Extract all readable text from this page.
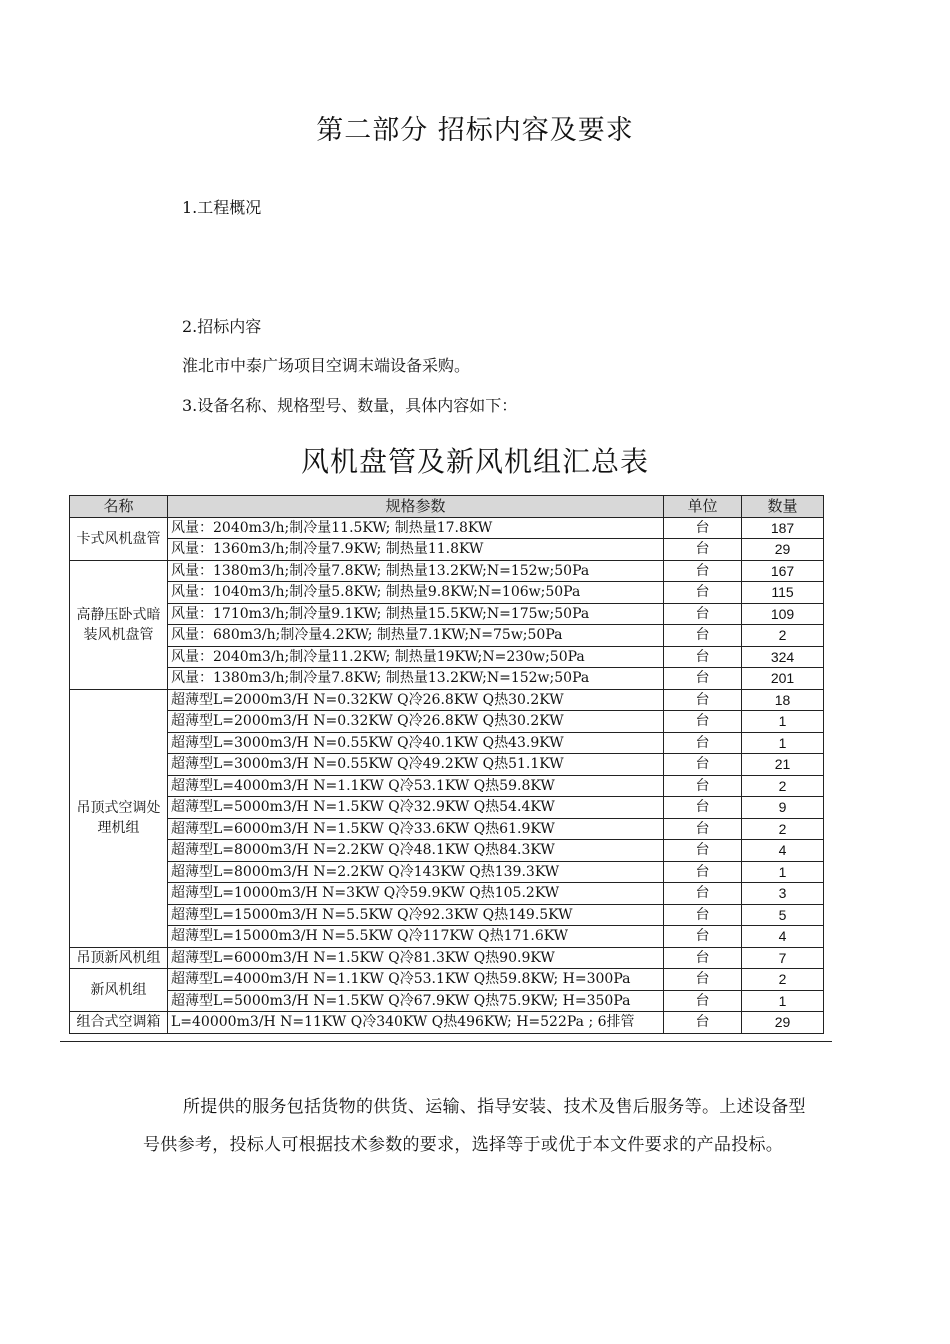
第二部分 招标内容及要求
1.工程概况
2.招标内容
淮北市中泰广场项目空调末端设备采购。
3.设备名称、规格型号、数量，具体内容如下：
风机盘管及新风机组汇总表
名称	规格参数	单位	数量
卡式风机盘管	风量：2040m3/h;制冷量11.5KW; 制热量17.8KW	台	187
	风量：1360m3/h;制冷量7.9KW; 制热量11.8KW	台	29
高静压卧式暗装风机盘管	风量：1380m3/h;制冷量7.8KW; 制热量13.2KW;N=152w;50Pa	台	167
	风量：1040m3/h;制冷量5.8KW; 制热量9.8KW;N=106w;50Pa	台	115
	风量：1710m3/h;制冷量9.1KW; 制热量15.5KW;N=175w;50Pa	台	109
	风量：680m3/h;制冷量4.2KW; 制热量7.1KW;N=75w;50Pa	台	2
	风量：2040m3/h;制冷量11.2KW; 制热量19KW;N=230w;50Pa	台	324
	风量：1380m3/h;制冷量7.8KW; 制热量13.2KW;N=152w;50Pa	台	201
吊顶式空调处理机组	超薄型L=2000m3/H N=0.32KW Q冷26.8KW Q热30.2KW	台	18
	超薄型L=2000m3/H N=0.32KW Q冷26.8KW Q热30.2KW	台	1
	超薄型L=3000m3/H N=0.55KW Q冷40.1KW Q热43.9KW	台	1
	超薄型L=3000m3/H N=0.55KW Q冷49.2KW Q热51.1KW	台	21
	超薄型L=4000m3/H N=1.1KW Q冷53.1KW Q热59.8KW	台	2
	超薄型L=5000m3/H N=1.5KW Q冷32.9KW Q热54.4KW	台	9
	超薄型L=6000m3/H N=1.5KW Q冷33.6KW Q热61.9KW	台	2
	超薄型L=8000m3/H N=2.2KW Q冷48.1KW Q热84.3KW	台	4
	超薄型L=8000m3/H N=2.2KW Q冷143KW Q热139.3KW	台	1
	超薄型L=10000m3/H N=3KW Q冷59.9KW Q热105.2KW	台	3
	超薄型L=15000m3/H N=5.5KW Q冷92.3KW Q热149.5KW	台	5
	超薄型L=15000m3/H N=5.5KW Q冷117KW Q热171.6KW	台	4
吊顶新风机组	超薄型L=6000m3/H N=1.5KW Q冷81.3KW Q热90.9KW	台	7
新风机组	超薄型L=4000m3/H N=1.1KW Q冷53.1KW Q热59.8KW; H=300Pa	台	2
	超薄型L=5000m3/H N=1.5KW Q冷67.9KW Q热75.9KW; H=350Pa	台	1
组合式空调箱	L=40000m3/H N=11KW Q冷340KW Q热496KW; H=522Pa ; 6排管	台	29
所提供的服务包括货物的供货、运输、指导安装、技术及售后服务等。上述设备型号供参考，投标人可根据技术参数的要求，选择等于或优于本文件要求的产品投标。
